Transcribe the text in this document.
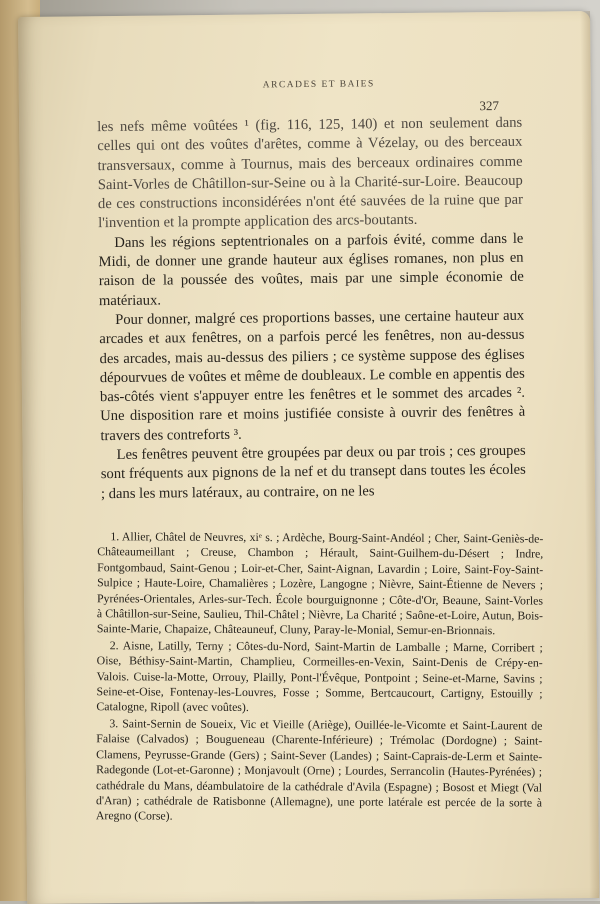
ARCADES ET BAIES
327

les nefs même voûtées ¹ (fig. 116, 125, 140) et non seulement dans celles qui ont des voûtes d'arêtes, comme à Vézelay, ou des berceaux transversaux, comme à Tournus, mais des berceaux ordinaires comme Saint-Vorles de Châtillon-sur-Seine ou à la Charité-sur-Loire. Beaucoup de ces constructions inconsidérées n'ont été sauvées de la ruine que par l'invention et la prompte application des arcs-boutants.

Dans les régions septentrionales on a parfois évité, comme dans le Midi, de donner une grande hauteur aux églises romanes, non plus en raison de la poussée des voûtes, mais par une simple économie de matériaux.

Pour donner, malgré ces proportions basses, une certaine hauteur aux arcades et aux fenêtres, on a parfois percé les fenêtres, non au-dessus des arcades, mais au-dessus des piliers ; ce système suppose des églises dépourvues de voûtes et même de doubleaux. Le comble en appentis des bas-côtés vient s'appuyer entre les fenêtres et le sommet des arcades ². Une disposition rare et moins justifiée consiste à ouvrir des fenêtres à travers des contreforts ³.

Les fenêtres peuvent être groupées par deux ou par trois ; ces groupes sont fréquents aux pignons de la nef et du transept dans toutes les écoles ; dans les murs latéraux, au contraire, on ne les

1. Allier, Châtel de Neuvres, xiᵉ s. ; Ardèche, Bourg-Saint-Andéol ; Cher, Saint-Geniès-de-Châteaumeillant ; Creuse, Chambon ; Hérault, Saint-Guilhem-du-Désert ; Indre, Fontgombaud, Saint-Genou ; Loir-et-Cher, Saint-Aignan, Lavardin ; Loire, Saint-Foy-Saint-Sulpice ; Haute-Loire, Chamalières ; Lozère, Langogne ; Nièvre, Saint-Étienne de Nevers ; Pyrénées-Orientales, Arles-sur-Tech. École bourguignonne ; Côte-d'Or, Beaune, Saint-Vorles à Châtillon-sur-Seine, Saulieu, Thil-Châtel ; Nièvre, La Charité ; Saône-et-Loire, Autun, Bois-Sainte-Marie, Chapaize, Châteauneuf, Cluny, Paray-le-Monial, Semur-en-Brionnais.

2. Aisne, Latilly, Terny ; Côtes-du-Nord, Saint-Martin de Lamballe ; Marne, Corribert ; Oise, Béthisy-Saint-Martin, Champlieu, Cormeilles-en-Vexin, Saint-Denis de Crépy-en-Valois. Cuise-la-Motte, Orrouy, Plailly, Pont-l'Évêque, Pontpoint ; Seine-et-Marne, Savins ; Seine-et-Oise, Fontenay-les-Louvres, Fosse ; Somme, Bertcaucourt, Cartigny, Estouilly ; Catalogne, Ripoll (avec voûtes).

3. Saint-Sernin de Soueix, Vic et Vieille (Ariège), Ouillée-le-Vicomte et Saint-Laurent de Falaise (Calvados) ; Bougueneau (Charente-Inférieure) ; Trémolac (Dordogne) ; Saint-Clamens, Peyrusse-Grande (Gers) ; Saint-Sever (Landes) ; Saint-Caprais-de-Lerm et Sainte-Radegonde (Lot-et-Garonne) ; Monjavoult (Orne) ; Lourdes, Serrancolin (Hautes-Pyrénées) ; cathédrale du Mans, déambulatoire de la cathédrale d'Avila (Espagne) ; Bosost et Miegt (Val d'Aran) ; cathédrale de Ratisbonne (Allemagne), une porte latérale est percée de la sorte à Aregno (Corse).
